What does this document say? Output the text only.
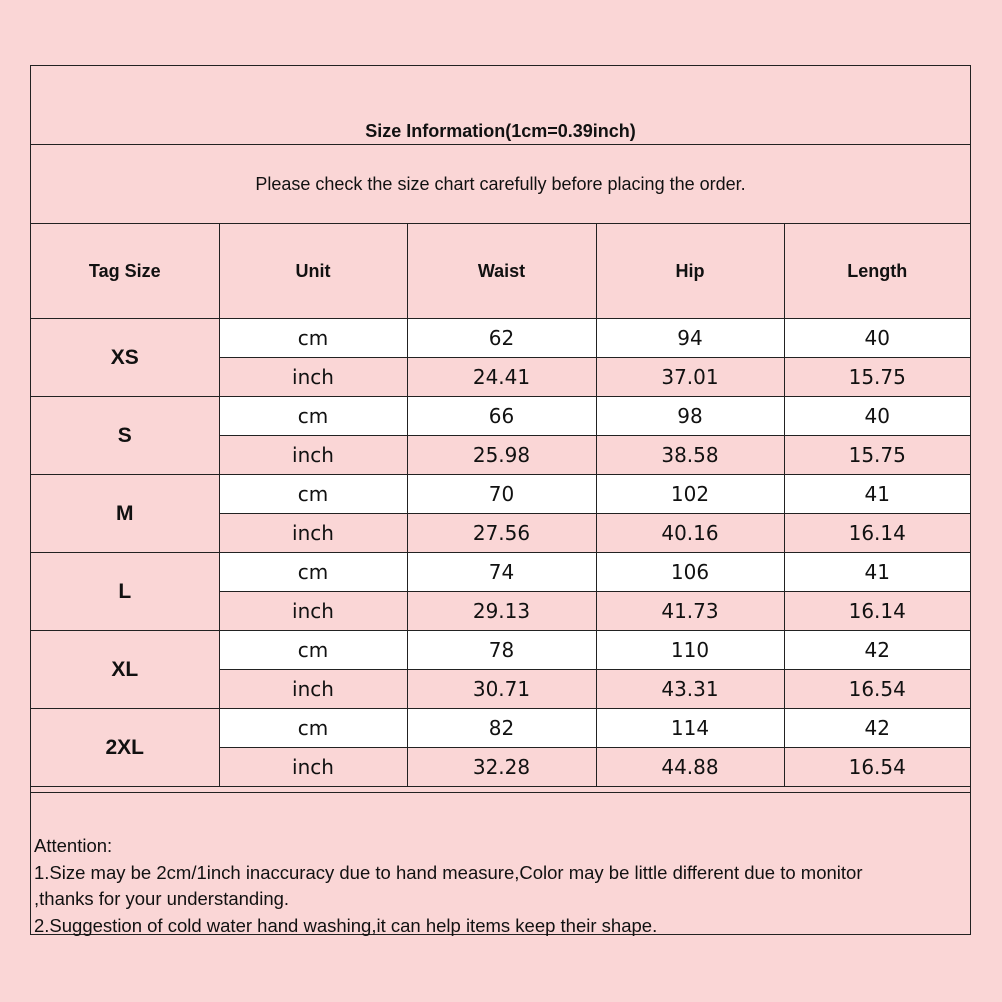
Size Information(1cm=0.39inch)
Please check the size chart carefully before placing the order.
Tag Size	Unit	Waist	Hip	Length
XS	cm	62	94	40
	inch	24.41	37.01	15.75
S	cm	66	98	40
	inch	25.98	38.58	15.75
M	cm	70	102	41
	inch	27.56	40.16	16.14
L	cm	74	106	41
	inch	29.13	41.73	16.14
XL	cm	78	110	42
	inch	30.71	43.31	16.54
2XL	cm	82	114	42
	inch	32.28	44.88	16.54

Attention:

1.Size may be 2cm/1inch inaccuracy due to hand measure,Color may be little different due to monitor

,thanks for your understanding.

2.Suggestion of cold water hand washing,it can help items keep their shape.
